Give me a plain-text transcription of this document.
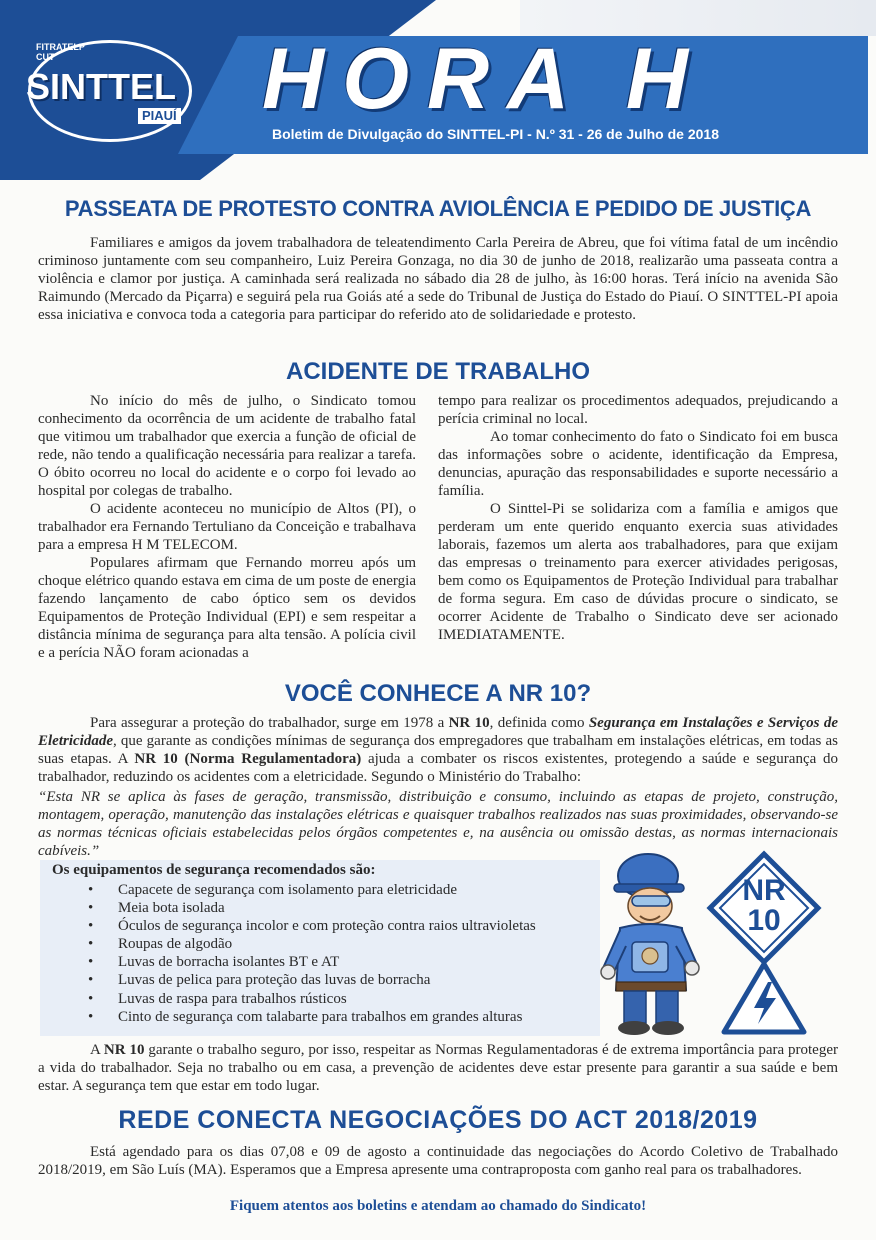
FITRATELP
CUT
SINTTEL
PIAUÍ HORA H
Boletim de Divulgação do SINTTEL-PI - N.º 31 - 26 de Julho de 2018
PASSEATA DE PROTESTO CONTRA AVIOLÊNCIA E PEDIDO DE JUSTIÇA

Familiares e amigos da jovem trabalhadora de teleatendimento Carla Pereira de Abreu, que foi vítima fatal de um incêndio criminoso juntamente com seu companheiro, Luiz Pereira Gonzaga, no dia 30 de junho de 2018, realizarão uma passeata contra a violência e clamor por justiça. A caminhada será realizada no sábado dia 28 de julho, às 16:00 horas. Terá início na avenida São Raimundo (Mercado da Piçarra) e seguirá pela rua Goiás até a sede do Tribunal de Justiça do Estado do Piauí. O SINTTEL-PI apoia essa iniciativa e convoca toda a categoria para participar do referido ato de solidariedade e protesto.

ACIDENTE DE TRABALHO

No início do mês de julho, o Sindicato tomou conhecimento da ocorrência de um acidente de trabalho fatal que vitimou um trabalhador que exercia a função de oficial de rede, não tendo a qualificação necessária para realizar a tarefa. O óbito ocorreu no local do acidente e o corpo foi levado ao hospital por colegas de trabalho.

O acidente aconteceu no município de Altos (PI), o trabalhador era Fernando Tertuliano da Conceição e trabalhava para a empresa H M TELECOM.

Populares afirmam que Fernando morreu após um choque elétrico quando estava em cima de um poste de energia fazendo lançamento de cabo óptico sem os devidos Equipamentos de Proteção Individual (EPI) e sem respeitar a distância mínima de segurança para alta tensão. A polícia civil e a perícia NÃO foram acionadas a

tempo para realizar os procedimentos adequados, prejudicando a perícia criminal no local.

Ao tomar conhecimento do fato o Sindicato foi em busca das informações sobre o acidente, identificação da Empresa, denuncias, apuração das responsabilidades e suporte necessário a família.

O Sinttel-Pi se solidariza com a família e amigos que perderam um ente querido enquanto exercia suas atividades laborais, fazemos um alerta aos trabalhadores, para que exijam das empresas o treinamento para exercer atividades perigosas, bem como os Equipamentos de Proteção Individual para trabalhar de forma segura. Em caso de dúvidas procure o sindicato, se ocorrer Acidente de Trabalho o Sindicato deve ser acionado IMEDIATAMENTE.

VOCÊ CONHECE A NR 10?

Para assegurar a proteção do trabalhador, surge em 1978 a NR 10, definida como Segurança em Instalações e Serviços de Eletricidade, que garante as condições mínimas de segurança dos empregadores que trabalham em instalações elétricas, em todas as suas etapas. A NR 10 (Norma Regulamentadora) ajuda a combater os riscos existentes, protegendo a saúde e segurança do trabalhador, reduzindo os acidentes com a eletricidade. Segundo o Ministério do Trabalho:

“Esta NR se aplica às fases de geração, transmissão, distribuição e consumo, incluindo as etapas de projeto, construção, montagem, operação, manutenção das instalações elétricas e quaisquer trabalhos realizados nas suas proximidades, observando-se as normas técnicas oficiais estabelecidas pelos órgãos competentes e, na ausência ou omissão destas, as normas internacionais cabíveis.”

Os equipamentos de segurança recomendados são:
• Capacete de segurança com isolamento para eletricidade
• Meia bota isolada
• Óculos de segurança incolor e com proteção contra raios ultravioletas
• Roupas de algodão
• Luvas de borracha isolantes BT e AT
• Luvas de pelica para proteção das luvas de borracha
• Luvas de raspa para trabalhos rústicos
• Cinto de segurança com talabarte para trabalhos em grandes alturas
NR
10

A NR 10 garante o trabalho seguro, por isso, respeitar as Normas Regulamentadoras é de extrema importância para proteger a vida do trabalhador. Seja no trabalho ou em casa, a prevenção de acidentes deve estar presente para garantir a sua saúde e bem estar. A segurança tem que estar em todo lugar.

REDE CONECTA NEGOCIAÇÕES DO ACT 2018/2019

Está agendado para os dias 07,08 e 09 de agosto a continuidade das negociações do Acordo Coletivo de Trabalhado 2018/2019, em São Luís (MA). Esperamos que a Empresa apresente uma contraproposta com ganho real para os trabalhadores.

Fiquem atentos aos boletins e atendam ao chamado do Sindicato!
